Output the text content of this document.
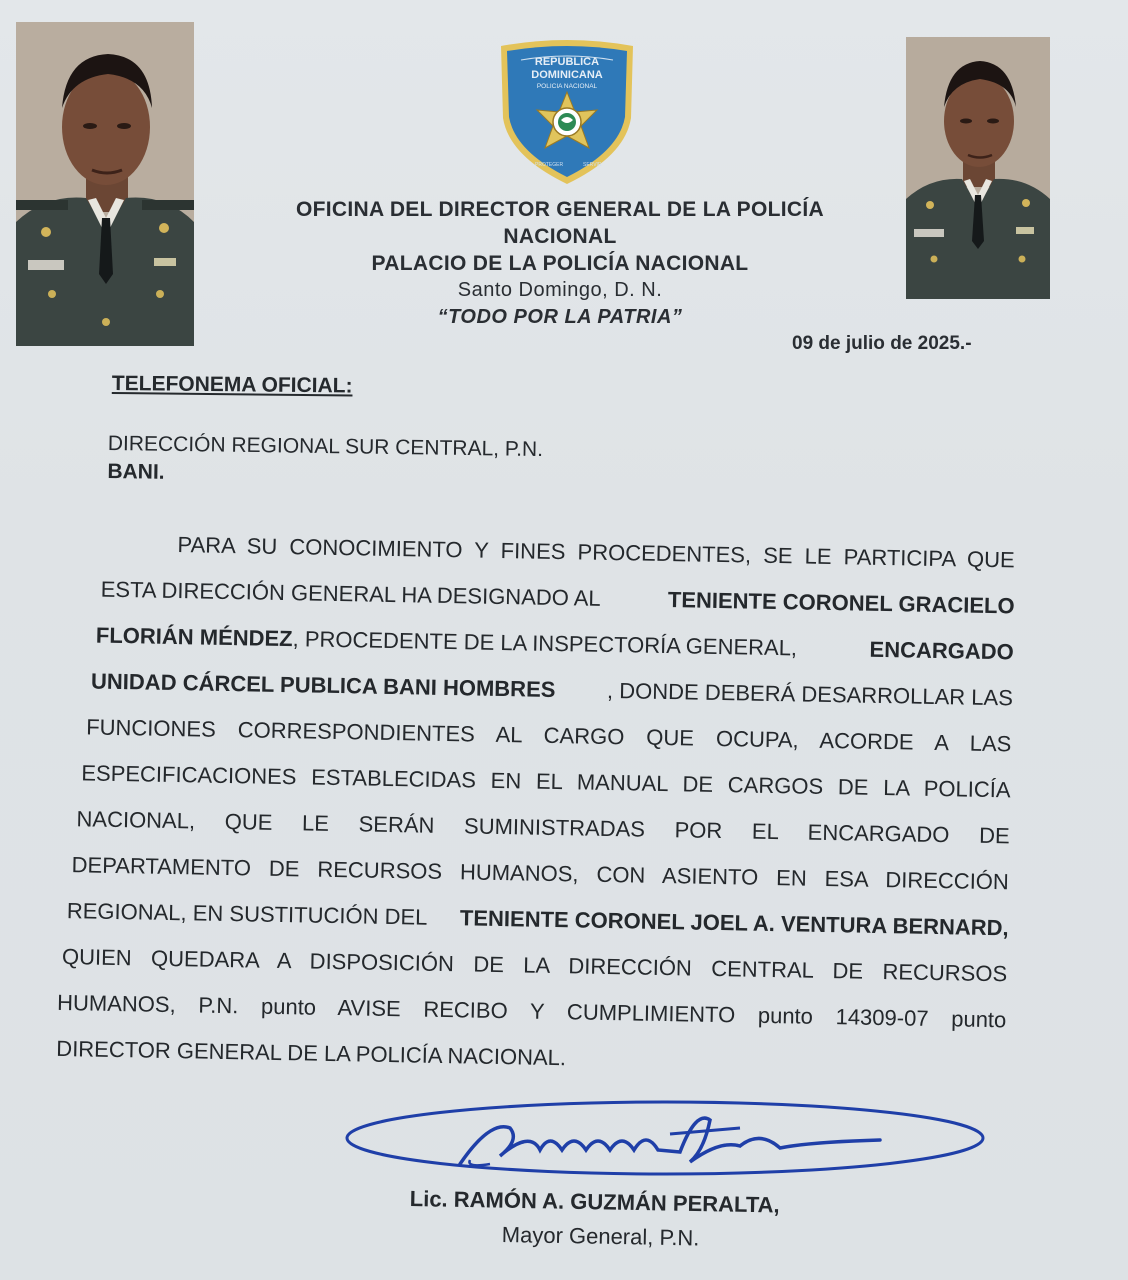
REPUBLICA
DOMINICANA
POLICIA NACIONAL
PROTEGER	SERVIR
OFICINA DEL DIRECTOR GENERAL DE LA POLICÍA NACIONAL
PALACIO DE LA POLICÍA NACIONAL
Santo Domingo, D. N.
“TODO POR LA PATRIA”
09 de julio de 2025.-
TELEFONEMA OFICIAL:
DIRECCIÓN REGIONAL SUR CENTRAL, P.N.
BANI.
PARA SU CONOCIMIENTO Y FINES PROCEDENTES, SE LE PARTICIPA QUE
ESTA DIRECCIÓN GENERAL HA DESIGNADO AL	TENIENTE CORONEL GRACIELO
FLORIÁN MÉNDEZ, PROCEDENTE DE LA INSPECTORÍA GENERAL,	ENCARGADO
UNIDAD CÁRCEL PUBLICA BANI HOMBRES , DONDE DEBERÁ DESARROLLAR LAS
FUNCIONES CORRESPONDIENTES AL CARGO QUE OCUPA, ACORDE A LAS
ESPECIFICACIONES ESTABLECIDAS EN EL MANUAL DE CARGOS DE LA POLICÍA
NACIONAL, QUE LE SERÁN SUMINISTRADAS POR EL ENCARGADO DE
DEPARTAMENTO DE RECURSOS HUMANOS, CON ASIENTO EN ESA DIRECCIÓN
REGIONAL, EN SUSTITUCIÓN DEL TENIENTE CORONEL JOEL A. VENTURA BERNARD,
QUIEN QUEDARA A DISPOSICIÓN DE LA DIRECCIÓN CENTRAL DE RECURSOS
HUMANOS, P.N. punto AVISE RECIBO Y CUMPLIMIENTO punto 14309-07 punto
DIRECTOR GENERAL DE LA POLICÍA NACIONAL.
Lic. RAMÓN A. GUZMÁN PERALTA,
Mayor General, P.N.
